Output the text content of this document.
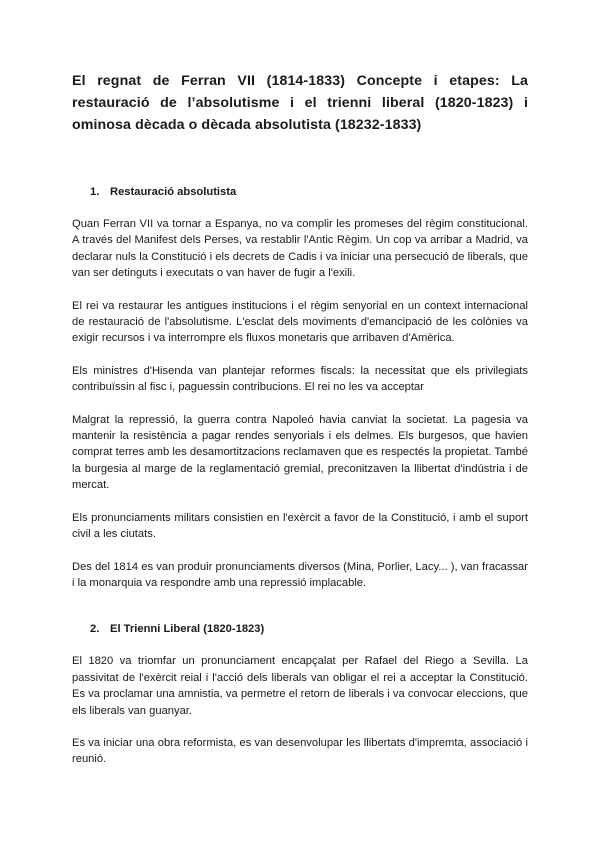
El regnat de Ferran VII (1814-1833) Concepte i etapes: La restauració de l’absolutisme i el trienni liberal (1820-1823) i ominosa dècada o dècada absolutista (18232-1833)
1. Restauració absolutista

Quan Ferran VII va tornar a Espanya, no va complir les promeses del règim constitucional. A través del Manifest dels Perses, va restablir l'Antic Règim. Un cop va arribar a Madrid, va declarar nuls la Constitució i els decrets de Cadis i va iniciar una persecució de liberals, que van ser detinguts i executats o van haver de fugir a l'exili.

El rei va restaurar les antigues institucions i el règim senyorial en un context internacional de restauració de l'absolutisme. L'esclat dels moviments d'emancipació de les colònies va exigir recursos i va interrompre els fluxos monetaris que arribaven d'Amèrica.

Els ministres d'Hisenda van plantejar reformes fiscals: la necessitat que els privilegiats contribuïssin al fisc i, paguessin contribucions. El rei no les va acceptar

Malgrat la repressió, la guerra contra Napoleó havia canviat la societat. La pagesia va mantenir la resistència a pagar rendes senyorials i els delmes. Els burgesos, que havien comprat terres amb les desamortitzacions reclamaven que es respectés la propietat. També la burgesia al marge de la reglamentació gremial, preconitzaven la llibertat d'indústria i de mercat.

Els pronunciaments militars consistien en l'exèrcit a favor de la Constitució, i amb el suport civil a les ciutats.

Des del 1814 es van produir pronunciaments diversos (Mina, Porlier, Lacy... ), van fracassar i la monarquia va respondre amb una repressió implacable.

2. El Trienni Liberal (1820-1823)

El 1820 va triomfar un pronunciament encapçalat per Rafael del Riego a Sevilla. La passivitat de l'exèrcit reial i l'acció dels liberals van obligar el rei a acceptar la Constitució. Es va proclamar una amnistia, va permetre el retorn de liberals i va convocar eleccions, que els liberals van guanyar.

Es va iniciar una obra reformista, es van desenvolupar les llibertats d'impremta, associació i reunió.
